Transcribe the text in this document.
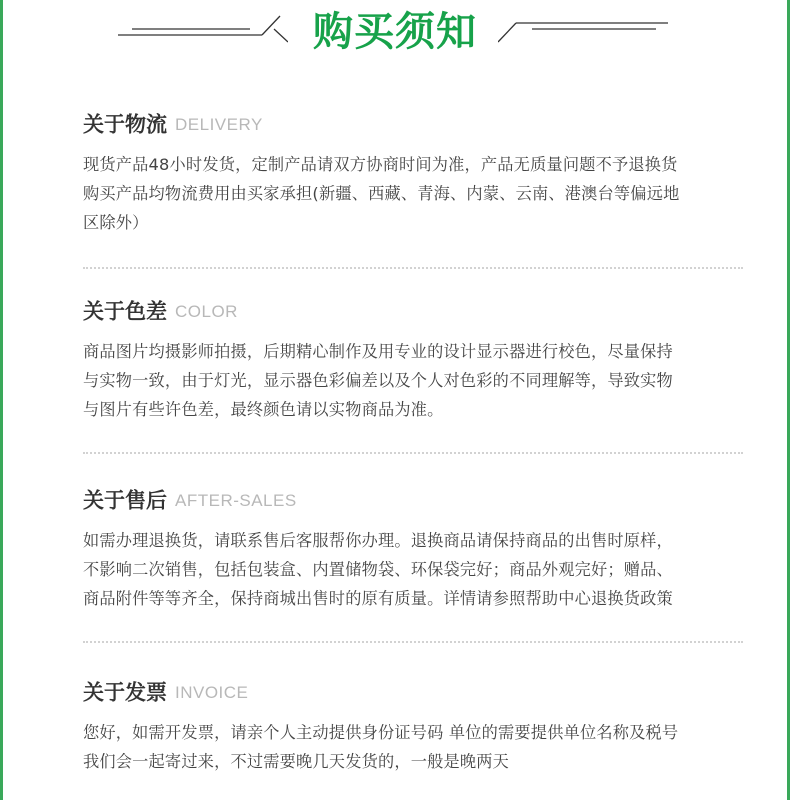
购买须知
关于物流 DELIVERY

现货产品48小时发货，定制产品请双方协商时间为准，产品无质量问题不予退换货

购买产品均物流费用由买家承担(新疆、西藏、青海、内蒙、云南、港澳台等偏远地

区除外）

关于色差 COLOR

商品图片均摄影师拍摄，后期精心制作及用专业的设计显示器进行校色，尽量保持

与实物一致，由于灯光，显示器色彩偏差以及个人对色彩的不同理解等，导致实物

与图片有些许色差，最终颜色请以实物商品为准。

关于售后 AFTER-SALES

如需办理退换货，请联系售后客服帮你办理。退换商品请保持商品的出售时原样，

不影响二次销售，包括包装盒、内置储物袋、环保袋完好；商品外观完好；赠品、

商品附件等等齐全，保持商城出售时的原有质量。详情请参照帮助中心退换货政策

关于发票 INVOICE

您好，如需开发票，请亲个人主动提供身份证号码 单位的需要提供单位名称及税号

我们会一起寄过来，不过需要晚几天发货的，一般是晚两天
